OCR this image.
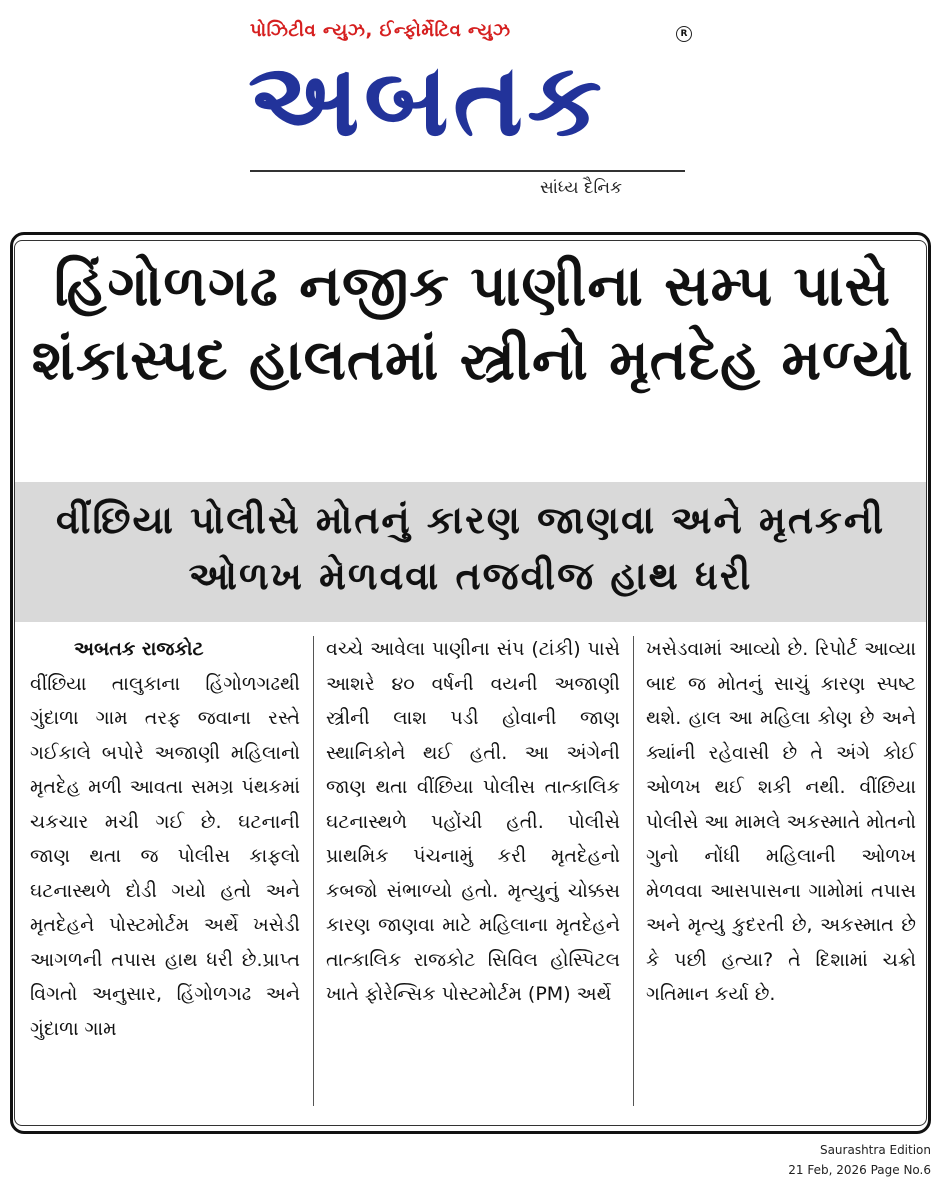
પોઝિટીવ ન્યુઝ, ઈન્ફોર્મેટિવ ન્યુઝ	R
અબતક
સાંધ્ય દૈનિક
હિંગોળગઢ નજીક પાણીના સમ્પ પાસે શંકાસ્પદ હાલતમાં સ્ત્રીનો મૃતદેહ મળ્યો
વીંછિયા પોલીસે મોતનું કારણ જાણવા અને મૃતકની ઓળખ મેળવવા તજવીજ હાથ ધરી
અબતક રાજકોટ
વીંછિયા તાલુકાના હિંગોળગઢથી ગુંદાળા ગામ તરફ જવાના રસ્તે ગઈકાલે બપોરે અજાણી મહિલાનો મૃતદેહ મળી આવતા સમગ્ર પંથકમાં ચકચાર મચી ગઈ છે. ઘટનાની જાણ થતા જ પોલીસ કાફલો ઘટનાસ્થળે દોડી ગયો હતો અને મૃતદેહને પોસ્ટમોર્ટમ અર્થે ખસેડી આગળની તપાસ હાથ ધરી છે.પ્રાપ્ત વિગતો અનુસાર, હિંગોળગઢ અને ગુંદાળા ગામ
વચ્ચે આવેલા પાણીના સંપ (ટાંકી) પાસે આશરે ૪૦ વર્ષની વયની અજાણી સ્ત્રીની લાશ પડી હોવાની જાણ સ્થાનિકોને થઈ હતી. આ અંગેની જાણ થતા વીંછિયા પોલીસ તાત્કાલિક ઘટનાસ્થળે પહોંચી હતી. પોલીસે પ્રાથમિક પંચનામું કરી મૃતદેહનો કબજો સંભાળ્યો હતો. મૃત્યુનું ચોક્કસ કારણ જાણવા માટે મહિલાના મૃતદેહને તાત્કાલિક રાજકોટ સિવિલ હોસ્પિટલ ખાતે ફોરેન્સિક પોસ્ટમોર્ટમ (PM) અર્થે
ખસેડવામાં આવ્યો છે. રિપોર્ટ આવ્યા બાદ જ મોતનું સાચું કારણ સ્પષ્ટ થશે. હાલ આ મહિલા કોણ છે અને ક્યાંની રહેવાસી છે તે અંગે કોઈ ઓળખ થઈ શકી નથી. વીંછિયા પોલીસે આ મામલે અકસ્માતે મોતનો ગુનો નોંધી મહિલાની ઓળખ મેળવવા આસપાસના ગામોમાં તપાસ અને મૃત્યુ કુદરતી છે, અકસ્માત છે કે પછી હત્યા? તે દિશામાં ચક્રો ગતિમાન કર્યા છે.
Saurashtra Edition
21 Feb, 2026 Page No.6
